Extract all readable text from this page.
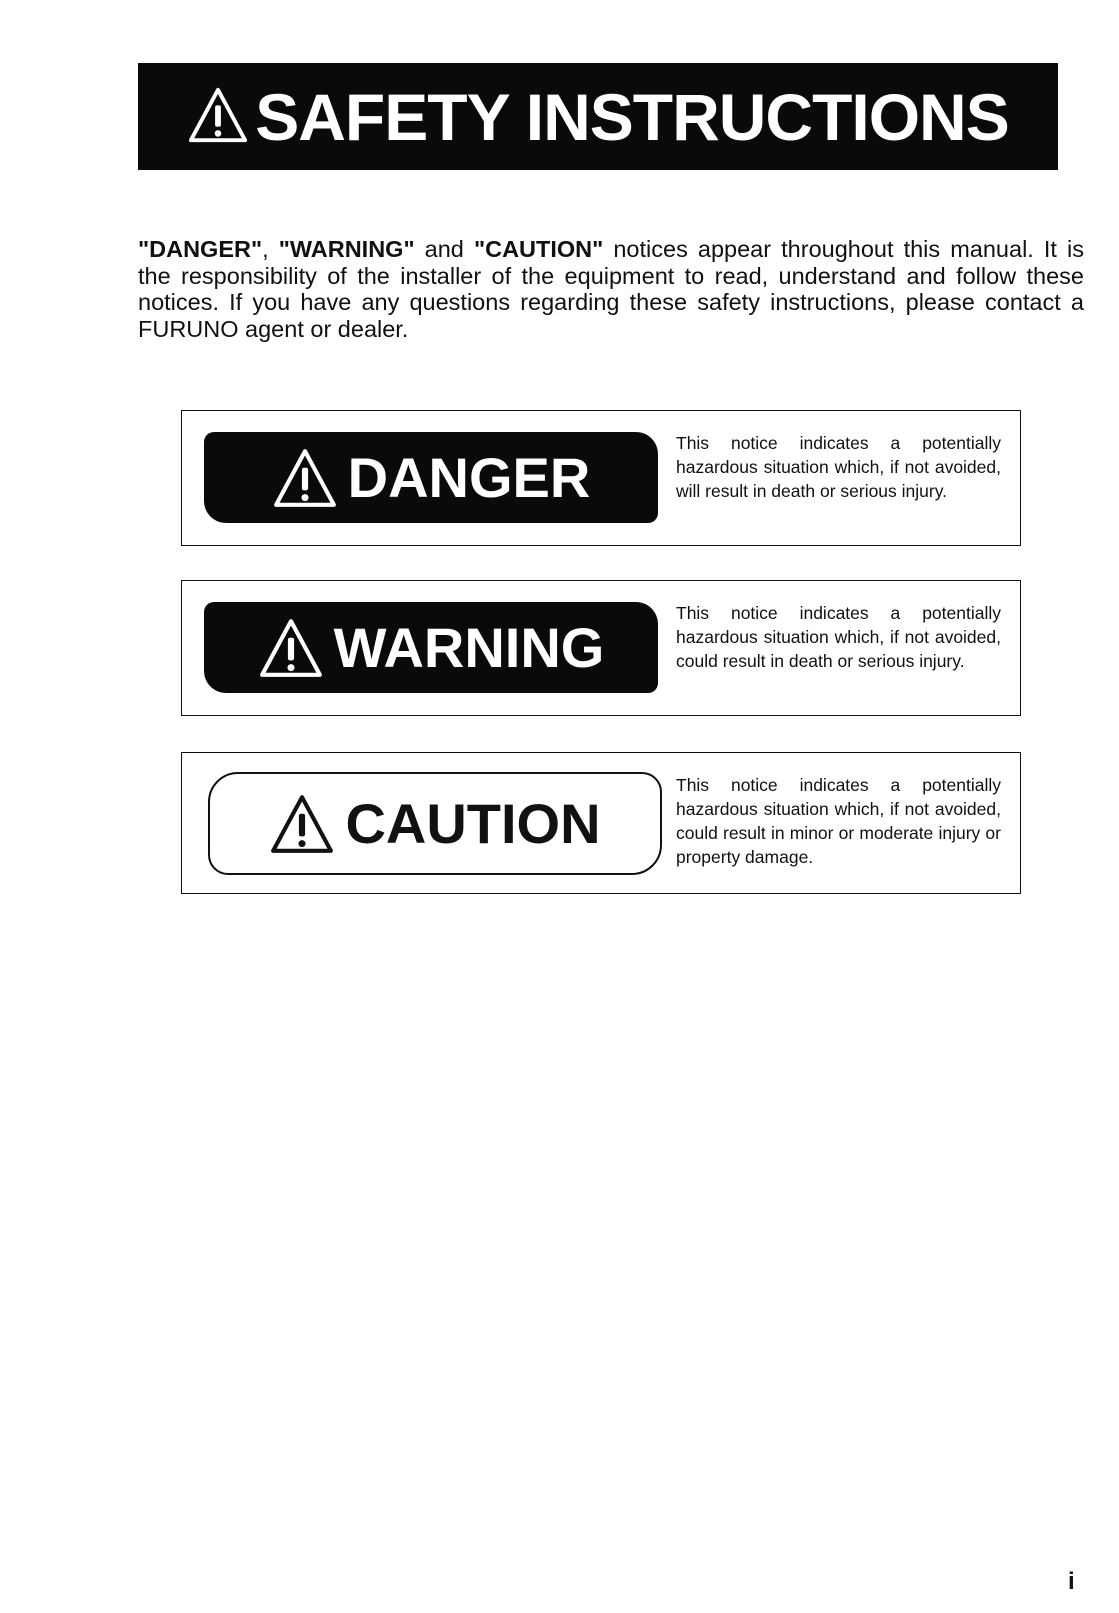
SAFETY INSTRUCTIONS

"DANGER", "WARNING" and "CAUTION" notices appear throughout this manual. It is the responsibility of the installer of the equipment to read, understand and follow these notices. If you have any questions regarding these safety instructions, please contact a FURUNO agent or dealer.

DANGER

This notice indicates a potentially hazardous situation which, if not avoided, will result in death or serious injury.

WARNING

This notice indicates a potentially hazardous situation which, if not avoided, could result in death or serious injury.

CAUTION

This notice indicates a potentially hazardous situation which, if not avoided, could result in minor or moderate injury or property damage.

i
